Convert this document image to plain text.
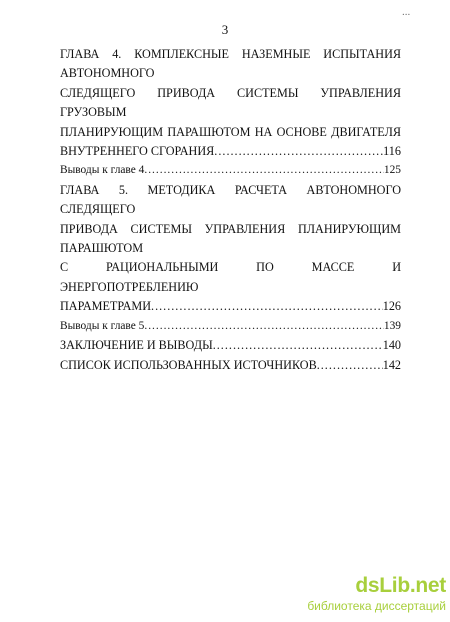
3
...
ГЛАВА 4. КОМПЛЕКСНЫЕ НАЗЕМНЫЕ ИСПЫТАНИЯ АВТОНОМНОГО
СЛЕДЯЩЕГО ПРИВОДА СИСТЕМЫ УПРАВЛЕНИЯ ГРУЗОВЫМ
ПЛАНИРУЮЩИМ ПАРАШЮТОМ НА ОСНОВЕ ДВИГАТЕЛЯ
ВНУТРЕННЕГО СГОРАНИЯ .....	116
Выводы к главе 4 .....	125
ГЛАВА 5. МЕТОДИКА РАСЧЕТА АВТОНОМНОГО СЛЕДЯЩЕГО
ПРИВОДА СИСТЕМЫ УПРАВЛЕНИЯ ПЛАНИРУЮЩИМ ПАРАШЮТОМ
С РАЦИОНАЛЬНЫМИ ПО МАССЕ И ЭНЕРГОПОТРЕБЛЕНИЮ
ПАРАМЕТРАМИ .....	126
Выводы к главе 5 .....	139
ЗАКЛЮЧЕНИЕ И ВЫВОДЫ .....	140
СПИСОК ИСПОЛЬЗОВАННЫХ ИСТОЧНИКОВ .....	142
dsLib.net
библиотека диссертаций
